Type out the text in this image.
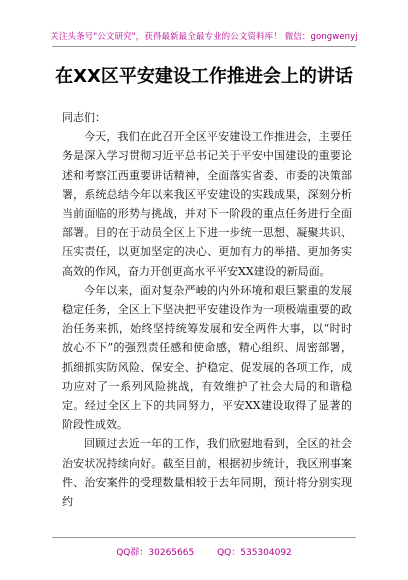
关注头条号"公文研究"，获得最新最全最专业的公文资料库！ 微信：gongwenyj
在XX区平安建设工作推进会上的讲话

同志们：

今天，我们在此召开全区平安建设工作推进会，主要任务是深入学习贯彻习近平总书记关于平安中国建设的重要论述和考察江西重要讲话精神，全面落实省委、市委的决策部署，系统总结今年以来我区平安建设的实践成果，深刻分析当前面临的形势与挑战，并对下一阶段的重点任务进行全面部署。目的在于动员全区上下进一步统一思想、凝聚共识、压实责任，以更加坚定的决心、更加有力的举措、更加务实高效的作风，奋力开创更高水平平安XX建设的新局面。

今年以来，面对复杂严峻的内外环境和艰巨繁重的发展稳定任务，全区上下坚决把平安建设作为一项极端重要的政治任务来抓，始终坚持统筹发展和安全两件大事，以“时时放心不下”的强烈责任感和使命感，精心组织、周密部署，抓细抓实防风险、保安全、护稳定、促发展的各项工作，成功应对了一系列风险挑战，有效维护了社会大局的和谐稳定。经过全区上下的共同努力，平安XX建设取得了显著的阶段性成效。

回顾过去近一年的工作，我们欣慰地看到，全区的社会治安状况持续向好。截至目前，根据初步统计，我区刑事案件、治安案件的受理数量相较于去年同期，预计将分别实现约

QQ群：30265665	QQ：535304092
